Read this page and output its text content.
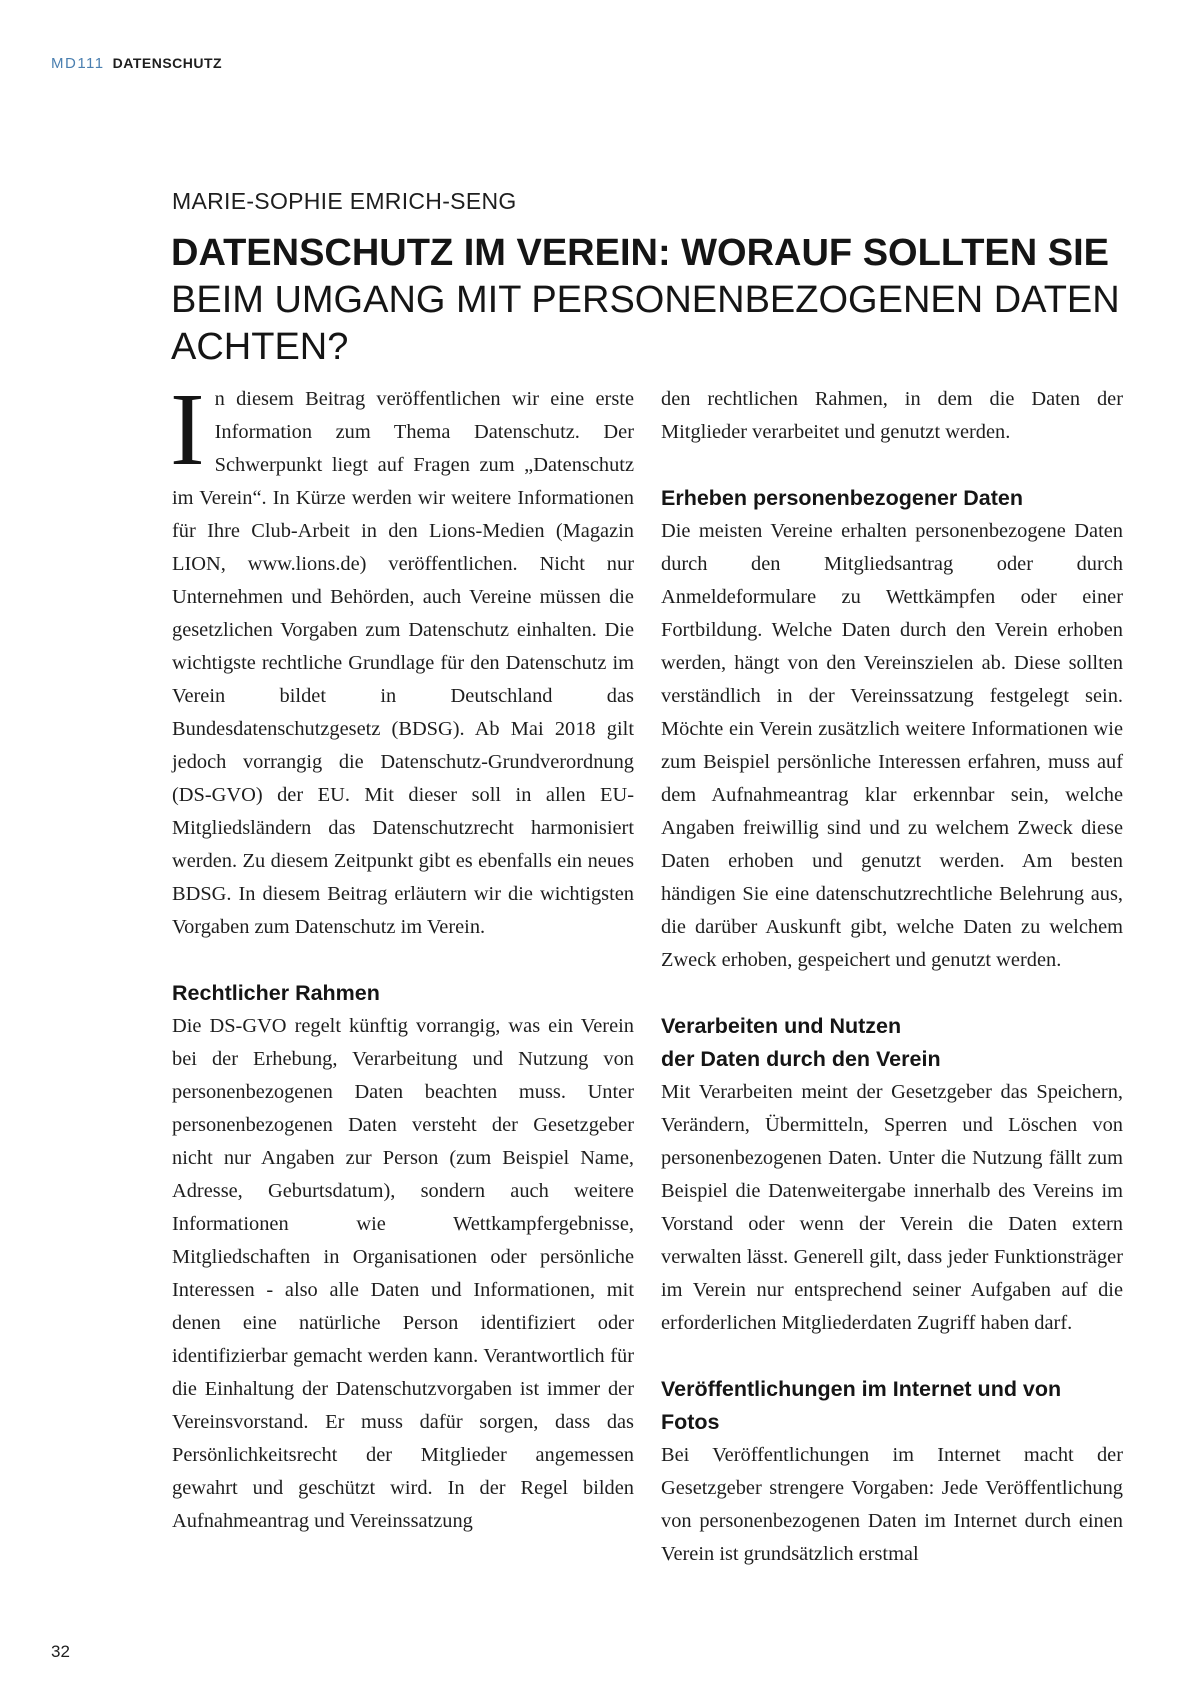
MD111 DATENSCHUTZ
MARIE-SOPHIE EMRICH-SENG
DATENSCHUTZ IM VEREIN: WORAUF SOLLTEN SIE BEIM UMGANG MIT PERSONENBEZOGENEN DATEN ACHTEN?

In diesem Beitrag veröffentlichen wir eine erste Information zum Thema Datenschutz. Der Schwerpunkt liegt auf Fragen zum „Datenschutz im Verein“. In Kürze werden wir weitere Informationen für Ihre Club-Arbeit in den Lions-Medien (Magazin LION, www.lions.de) veröffentlichen. Nicht nur Unternehmen und Behörden, auch Vereine müssen die gesetzlichen Vorgaben zum Datenschutz einhalten. Die wichtigste rechtliche Grundlage für den Datenschutz im Verein bildet in Deutschland das Bundesdatenschutzgesetz (BDSG). Ab Mai 2018 gilt jedoch vorrangig die Datenschutz-Grundverordnung (DS-GVO) der EU. Mit dieser soll in allen EU-Mitgliedsländern das Datenschutzrecht harmonisiert werden. Zu diesem Zeitpunkt gibt es ebenfalls ein neues BDSG. In diesem Beitrag erläutern wir die wichtigsten Vorgaben zum Datenschutz im Verein.

Rechtlicher Rahmen

Die DS-GVO regelt künftig vorrangig, was ein Verein bei der Erhebung, Verarbeitung und Nutzung von personenbezogenen Daten beachten muss. Unter personenbezogenen Daten versteht der Gesetzgeber nicht nur Angaben zur Person (zum Beispiel Name, Adresse, Geburtsdatum), sondern auch weitere Informationen wie Wettkampfergebnisse, Mitgliedschaften in Organisationen oder persönliche Interessen - also alle Daten und Informationen, mit denen eine natürliche Person identifiziert oder identifizierbar gemacht werden kann. Verantwortlich für die Einhaltung der Datenschutzvorgaben ist immer der Vereinsvorstand. Er muss dafür sorgen, dass das Persönlichkeitsrecht der Mitglieder angemessen gewahrt und geschützt wird. In der Regel bilden Aufnahmeantrag und Vereinssatzung

den rechtlichen Rahmen, in dem die Daten der Mitglieder verarbeitet und genutzt werden.

Erheben personenbezogener Daten

Die meisten Vereine erhalten personenbezogene Daten durch den Mitgliedsantrag oder durch Anmeldeformulare zu Wettkämpfen oder einer Fortbildung. Welche Daten durch den Verein erhoben werden, hängt von den Vereinszielen ab. Diese sollten verständlich in der Vereinssatzung festgelegt sein. Möchte ein Verein zusätzlich weitere Informationen wie zum Beispiel persönliche Interessen erfahren, muss auf dem Aufnahmeantrag klar erkennbar sein, welche Angaben freiwillig sind und zu welchem Zweck diese Daten erhoben und genutzt werden. Am besten händigen Sie eine datenschutzrechtliche Belehrung aus, die darüber Auskunft gibt, welche Daten zu welchem Zweck erhoben, gespeichert und genutzt werden.

Verarbeiten und Nutzen
der Daten durch den Verein

Mit Verarbeiten meint der Gesetzgeber das Speichern, Verändern, Übermitteln, Sperren und Löschen von personenbezogenen Daten. Unter die Nutzung fällt zum Beispiel die Datenweitergabe innerhalb des Vereins im Vorstand oder wenn der Verein die Daten extern verwalten lässt. Generell gilt, dass jeder Funktionsträger im Verein nur entsprechend seiner Aufgaben auf die erforderlichen Mitgliederdaten Zugriff haben darf.

Veröffentlichungen im Internet und von Fotos

Bei Veröffentlichungen im Internet macht der Gesetzgeber strengere Vorgaben: Jede Veröffentlichung von personenbezogenen Daten im Internet durch einen Verein ist grundsätzlich erstmal

32
